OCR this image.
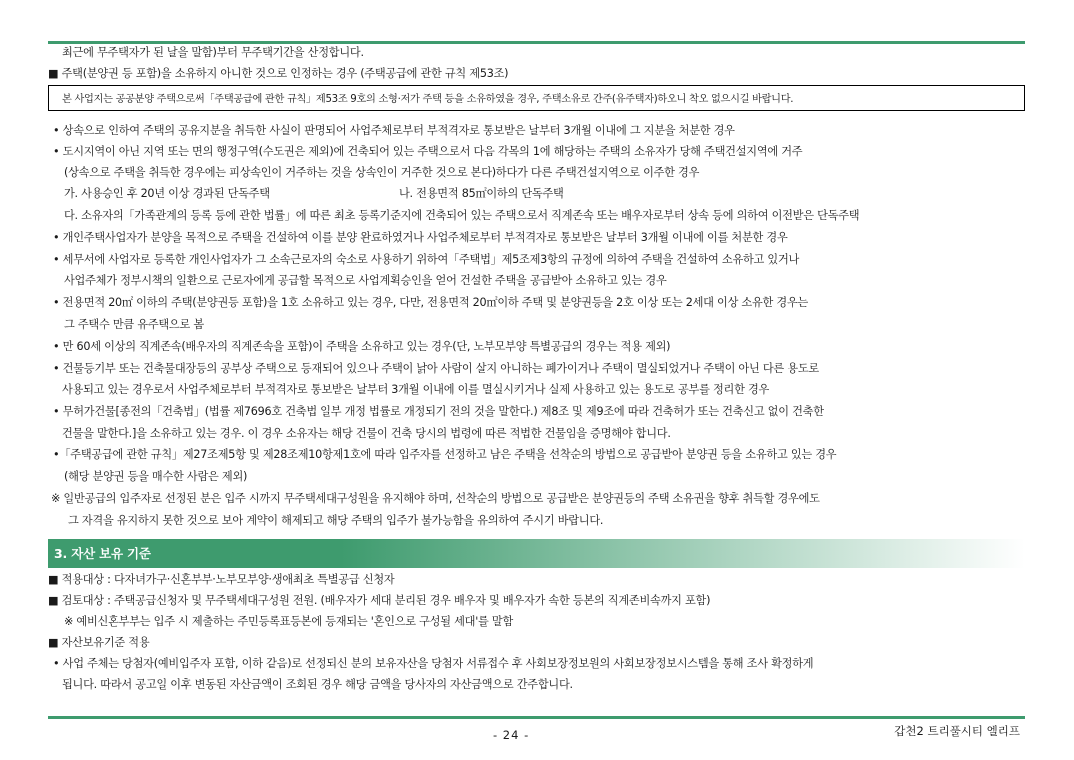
최근에 무주택자가 된 날을 말함)부터 무주택기간을 산정합니다.
■ 주택(분양권 등 포함)을 소유하지 아니한 것으로 인정하는 경우 (주택공급에 관한 규칙 제53조)
본 사업지는 공공분양 주택으로써「주택공급에 관한 규칙」제53조 9호의 소형·저가 주택 등을 소유하였을 경우, 주택소유로 간주(유주택자)하오니 착오 없으시길 바랍니다.
• 상속으로 인하여 주택의 공유지분을 취득한 사실이 판명되어 사업주체로부터 부적격자로 통보받은 날부터 3개월 이내에 그 지분을 처분한 경우
• 도시지역이 아닌 지역 또는 면의 행정구역(수도권은 제외)에 건축되어 있는 주택으로서 다음 각목의 1에 해당하는 주택의 소유자가 당해 주택건설지역에 거주
(상속으로 주택을 취득한 경우에는 피상속인이 거주하는 것을 상속인이 거주한 것으로 본다)하다가 다른 주택건설지역으로 이주한 경우
가. 사용승인 후 20년 이상 경과된 단독주택	나. 전용면적 85㎡이하의 단독주택
다. 소유자의「가족관계의 등록 등에 관한 법률」에 따른 최초 등록기준지에 건축되어 있는 주택으로서 직계존속 또는 배우자로부터 상속 등에 의하여 이전받은 단독주택
• 개인주택사업자가 분양을 목적으로 주택을 건설하여 이를 분양 완료하였거나 사업주체로부터 부적격자로 통보받은 날부터 3개월 이내에 이를 처분한 경우
• 세무서에 사업자로 등록한 개인사업자가 그 소속근로자의 숙소로 사용하기 위하여「주택법」제5조제3항의 규정에 의하여 주택을 건설하여 소유하고 있거나
사업주체가 정부시책의 일환으로 근로자에게 공급할 목적으로 사업계획승인을 얻어 건설한 주택을 공급받아 소유하고 있는 경우
• 전용면적 20㎡ 이하의 주택(분양권등 포함)을 1호 소유하고 있는 경우, 다만, 전용면적 20㎡이하 주택 및 분양권등을 2호 이상 또는 2세대 이상 소유한 경우는
그 주택수 만큼 유주택으로 봄
• 만 60세 이상의 직계존속(배우자의 직계존속을 포함)이 주택을 소유하고 있는 경우(단, 노부모부양 특별공급의 경우는 적용 제외)
• 건물등기부 또는 건축물대장등의 공부상 주택으로 등재되어 있으나 주택이 낡아 사람이 살지 아니하는 폐가이거나 주택이 멸실되었거나 주택이 아닌 다른 용도로
사용되고 있는 경우로서 사업주체로부터 부적격자로 통보받은 날부터 3개월 이내에 이를 멸실시키거나 실제 사용하고 있는 용도로 공부를 정리한 경우
• 무허가건물[종전의「건축법」(법률 제7696호 건축법 일부 개정 법률로 개정되기 전의 것을 말한다.) 제8조 및 제9조에 따라 건축허가 또는 건축신고 없이 건축한
건물을 말한다.]을 소유하고 있는 경우. 이 경우 소유자는 해당 건물이 건축 당시의 법령에 따른 적법한 건물임을 증명해야 합니다.
•「주택공급에 관한 규칙」제27조제5항 및 제28조제10항제1호에 따라 입주자를 선정하고 남은 주택을 선착순의 방법으로 공급받아 분양권 등을 소유하고 있는 경우
(해당 분양권 등을 매수한 사람은 제외)
※ 일반공급의 입주자로 선정된 분은 입주 시까지 무주택세대구성원을 유지해야 하며, 선착순의 방법으로 공급받은 분양권등의 주택 소유권을 향후 취득할 경우에도
그 자격을 유지하지 못한 것으로 보아 계약이 해제되고 해당 주택의 입주가 불가능함을 유의하여 주시기 바랍니다.
3. 자산 보유 기준
■ 적용대상 : 다자녀가구·신혼부부·노부모부양·생애최초 특별공급 신청자
■ 검토대상 : 주택공급신청자 및 무주택세대구성원 전원. (배우자가 세대 분리된 경우 배우자 및 배우자가 속한 등본의 직계존비속까지 포함)
※ 예비신혼부부는 입주 시 제출하는 주민등록표등본에 등재되는 '혼인으로 구성될 세대'를 말함
■ 자산보유기준 적용
• 사업 주체는 당첨자(예비입주자 포함, 이하 같음)로 선정되신 분의 보유자산을 당첨자 서류접수 후 사회보장정보원의 사회보장정보시스템을 통해 조사 확정하게
됩니다. 따라서 공고일 이후 변동된 자산금액이 조회된 경우 해당 금액을 당사자의 자산금액으로 간주합니다.
- 24 -	갑천2 트리풀시티 엘리프
